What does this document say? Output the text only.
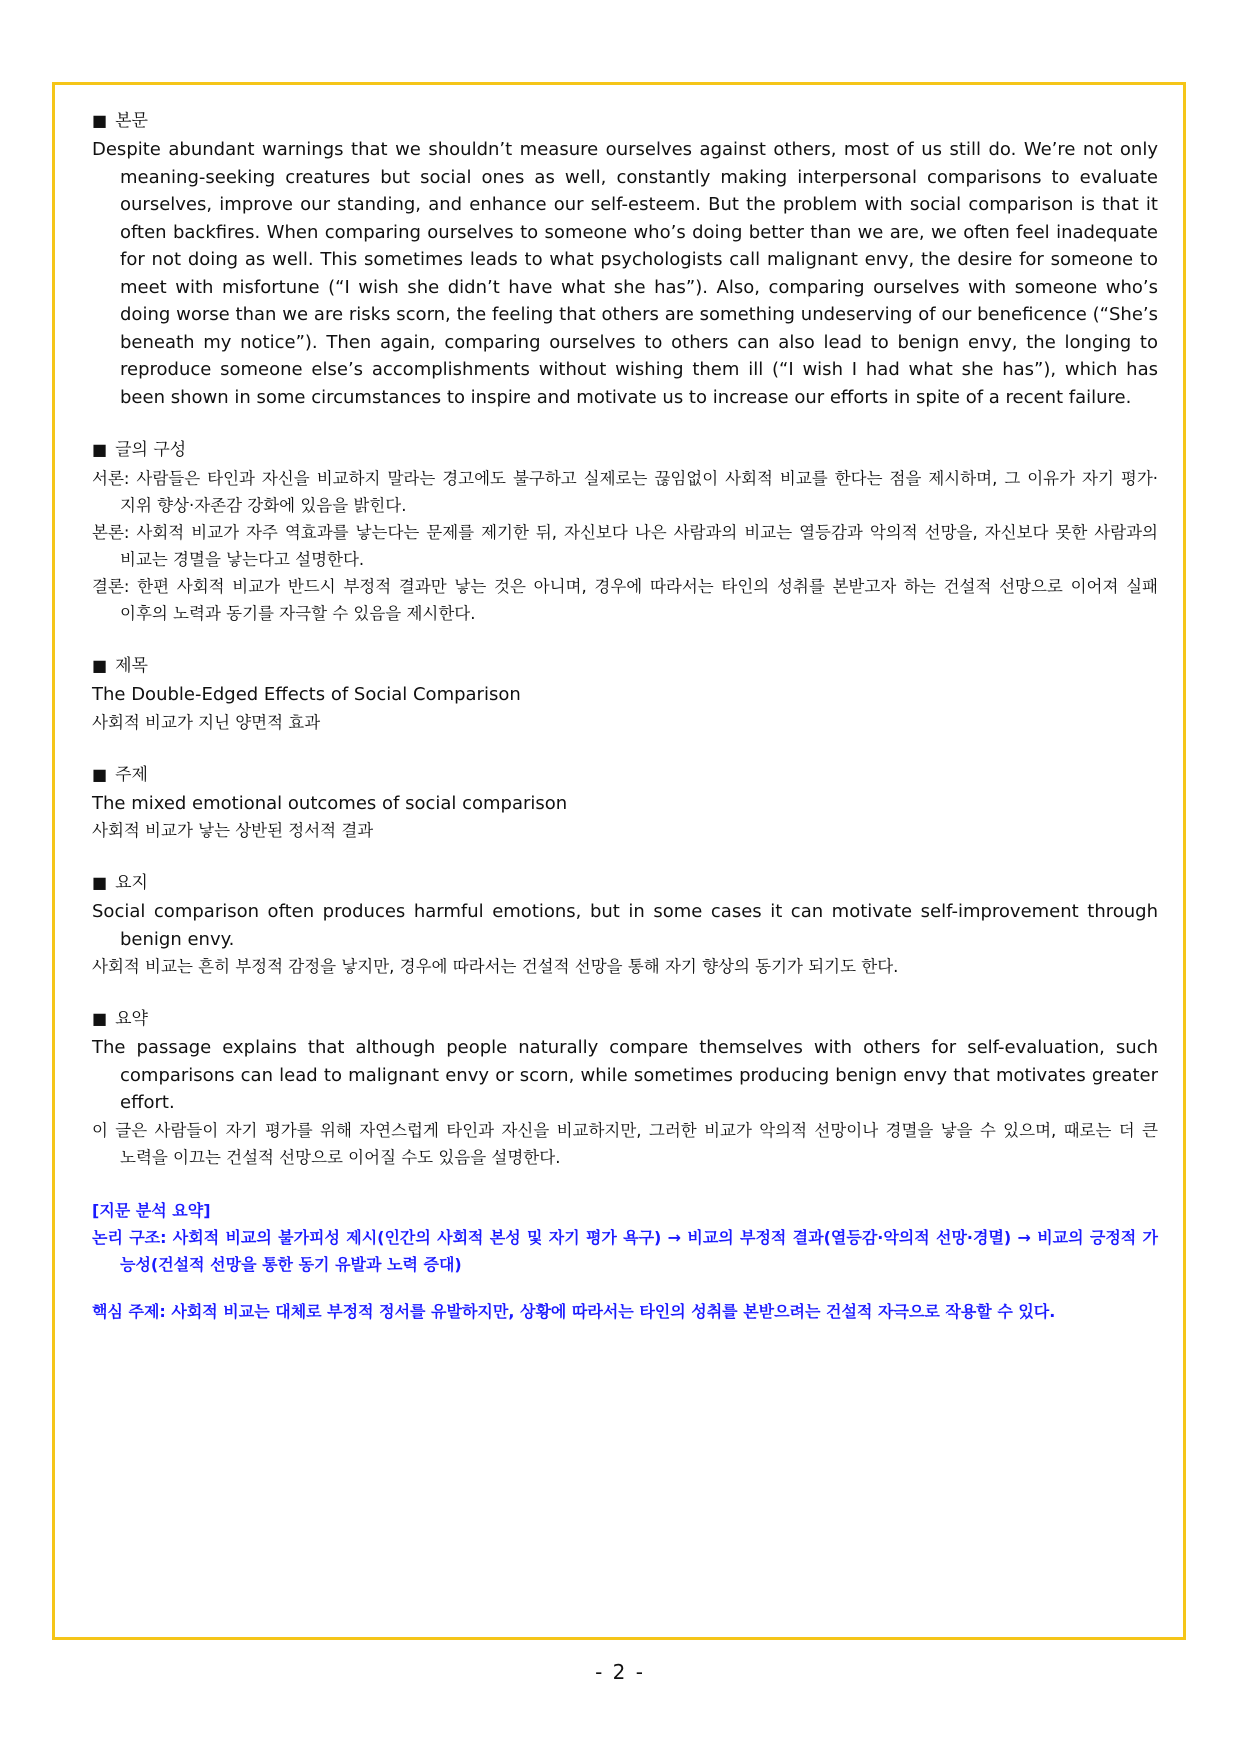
■ 본문
Despite abundant warnings that we shouldn’t measure ourselves against others, most of us still do. We’re not only meaning-seeking creatures but social ones as well, constantly making interpersonal comparisons to evaluate ourselves, improve our standing, and enhance our self-esteem. But the problem with social comparison is that it often backfires. When comparing ourselves to someone who’s doing better than we are, we often feel inadequate for not doing as well. This sometimes leads to what psychologists call malignant envy, the desire for someone to meet with misfortune (“I wish she didn’t have what she has”). Also, comparing ourselves with someone who’s doing worse than we are risks scorn, the feeling that others are something undeserving of our beneficence (“She’s beneath my notice”). Then again, comparing ourselves to others can also lead to benign envy, the longing to reproduce someone else’s accomplishments without wishing them ill (“I wish I had what she has”), which has been shown in some circumstances to inspire and motivate us to increase our efforts in spite of a recent failure.
■ 글의 구성
서론: 사람들은 타인과 자신을 비교하지 말라는 경고에도 불구하고 실제로는 끊임없이 사회적 비교를 한다는 점을 제시하며, 그 이유가 자기 평가·지위 향상·자존감 강화에 있음을 밝힌다.
본론: 사회적 비교가 자주 역효과를 낳는다는 문제를 제기한 뒤, 자신보다 나은 사람과의 비교는 열등감과 악의적 선망을, 자신보다 못한 사람과의 비교는 경멸을 낳는다고 설명한다.
결론: 한편 사회적 비교가 반드시 부정적 결과만 낳는 것은 아니며, 경우에 따라서는 타인의 성취를 본받고자 하는 건설적 선망으로 이어져 실패 이후의 노력과 동기를 자극할 수 있음을 제시한다.
■ 제목
The Double-Edged Effects of Social Comparison
사회적 비교가 지닌 양면적 효과
■ 주제
The mixed emotional outcomes of social comparison
사회적 비교가 낳는 상반된 정서적 결과
■ 요지
Social comparison often produces harmful emotions, but in some cases it can motivate self-improvement through benign envy.
사회적 비교는 흔히 부정적 감정을 낳지만, 경우에 따라서는 건설적 선망을 통해 자기 향상의 동기가 되기도 한다.
■ 요약
The passage explains that although people naturally compare themselves with others for self-evaluation, such comparisons can lead to malignant envy or scorn, while sometimes producing benign envy that motivates greater effort.
이 글은 사람들이 자기 평가를 위해 자연스럽게 타인과 자신을 비교하지만, 그러한 비교가 악의적 선망이나 경멸을 낳을 수 있으며, 때로는 더 큰 노력을 이끄는 건설적 선망으로 이어질 수도 있음을 설명한다.
[지문 분석 요약]
논리 구조: 사회적 비교의 불가피성 제시(인간의 사회적 본성 및 자기 평가 욕구) → 비교의 부정적 결과(열등감·악의적 선망·경멸) → 비교의 긍정적 가능성(건설적 선망을 통한 동기 유발과 노력 증대)
핵심 주제: 사회적 비교는 대체로 부정적 정서를 유발하지만, 상황에 따라서는 타인의 성취를 본받으려는 건설적 자극으로 작용할 수 있다.
- 2 -
